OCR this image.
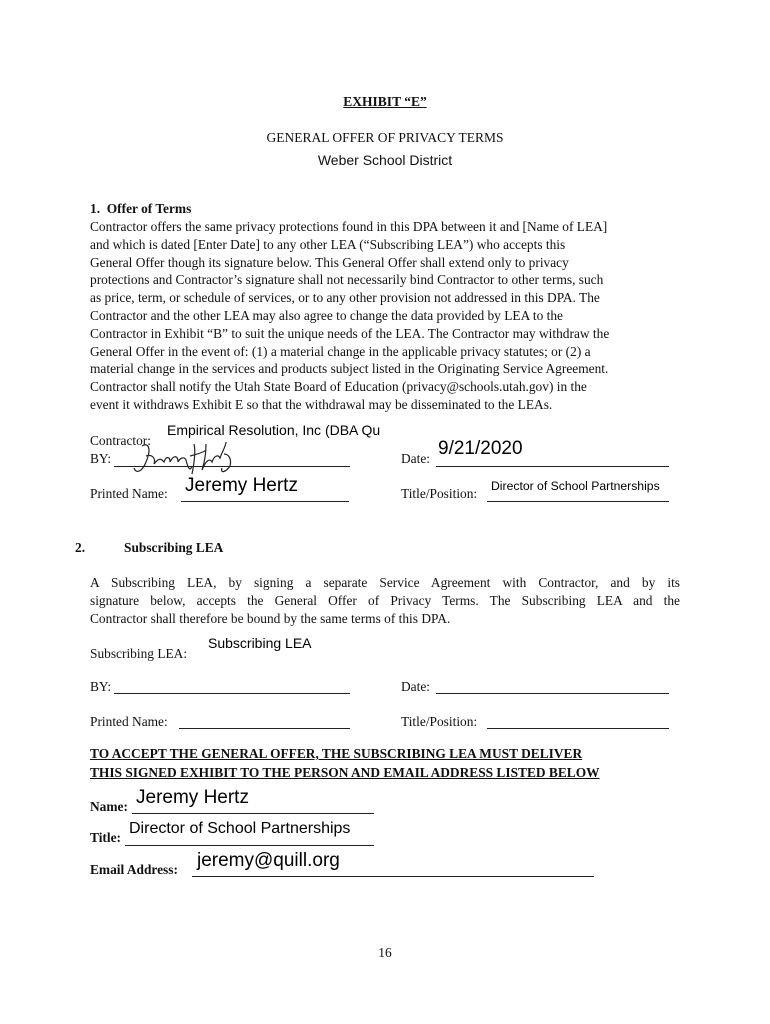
EXHIBIT “E”
GENERAL OFFER OF PRIVACY TERMS
Weber School District
1. Offer of Terms
Contractor offers the same privacy protections found in this DPA between it and [Name of LEA]
and which is dated [Enter Date] to any other LEA (“Subscribing LEA”) who accepts this
General Offer though its signature below. This General Offer shall extend only to privacy
protections and Contractor’s signature shall not necessarily bind Contractor to other terms, such
as price, term, or schedule of services, or to any other provision not addressed in this DPA. The
Contractor and the other LEA may also agree to change the data provided by LEA to the
Contractor in Exhibit “B” to suit the unique needs of the LEA. The Contractor may withdraw the
General Offer in the event of: (1) a material change in the applicable privacy statutes; or (2) a
material change in the services and products subject listed in the Originating Service Agreement.
Contractor shall notify the Utah State Board of Education (privacy@schools.utah.gov) in the
event it withdraws Exhibit E so that the withdrawal may be disseminated to the LEAs.
Contractor:
Empirical Resolution, Inc (DBA Qu
BY:	Date: 9/21/2020
Printed Name: Jeremy Hertz	Title/Position: Director of School Partnerships
2.	Subscribing LEA
A Subscribing LEA, by signing a separate Service Agreement with Contractor, and by its
signature below, accepts the General Offer of Privacy Terms. The Subscribing LEA and the
Contractor shall therefore be bound by the same terms of this DPA.
Subscribing LEA:
Subscribing LEA
BY:	Date:
Printed Name:	Title/Position:
TO ACCEPT THE GENERAL OFFER, THE SUBSCRIBING LEA MUST DELIVER
THIS SIGNED EXHIBIT TO THE PERSON AND EMAIL ADDRESS LISTED BELOW
Name: Jeremy Hertz
Title:
Director of School Partnerships
Email Address: jeremy@quill.org
16
